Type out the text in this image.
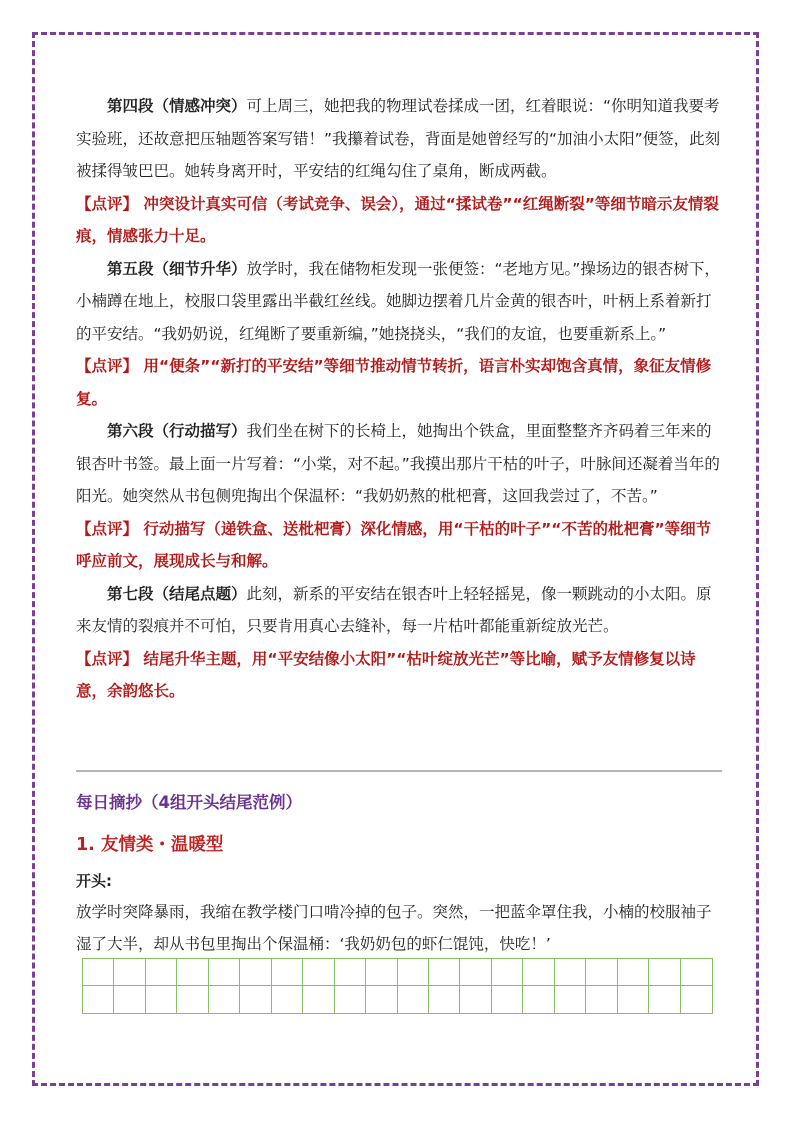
第四段（情感冲突）可上周三，她把我的物理试卷揉成一团，红着眼说：“你明知道我要考实验班，还故意把压轴题答案写错！”我攥着试卷，背面是她曾经写的“加油小太阳”便签，此刻被揉得皱巴巴。她转身离开时，平安结的红绳勾住了桌角，断成两截。

【点评】 冲突设计真实可信（考试竞争、误会），通过“揉试卷”“红绳断裂”等细节暗示友情裂痕，情感张力十足。

第五段（细节升华）放学时，我在储物柜发现一张便签：“老地方见。”操场边的银杏树下，小楠蹲在地上，校服口袋里露出半截红丝线。她脚边摆着几片金黄的银杏叶，叶柄上系着新打的平安结。“我奶奶说，红绳断了要重新编，”她挠挠头，“我们的友谊，也要重新系上。”

【点评】 用“便条”“新打的平安结”等细节推动情节转折，语言朴实却饱含真情，象征友情修复。

第六段（行动描写）我们坐在树下的长椅上，她掏出个铁盒，里面整整齐齐码着三年来的银杏叶书签。最上面一片写着：“小棠，对不起。”我摸出那片干枯的叶子，叶脉间还凝着当年的阳光。她突然从书包侧兜掏出个保温杯：“我奶奶熬的枇杷膏，这回我尝过了，不苦。”

【点评】 行动描写（递铁盒、送枇杷膏）深化情感，用“干枯的叶子”“不苦的枇杷膏”等细节呼应前文，展现成长与和解。

第七段（结尾点题）此刻，新系的平安结在银杏叶上轻轻摇晃，像一颗跳动的小太阳。原来友情的裂痕并不可怕，只要肯用真心去缝补，每一片枯叶都能重新绽放光芒。

【点评】 结尾升华主题，用“平安结像小太阳”“枯叶绽放光芒”等比喻，赋予友情修复以诗意，余韵悠长。

每日摘抄（4组开头结尾范例）
1. 友情类・温暖型
开头:
放学时突降暴雨，我缩在教学楼门口啃冷掉的包子。突然，一把蓝伞罩住我，小楠的校服袖子湿了大半，却从书包里掏出个保温桶：‘我奶奶包的虾仁馄饨，快吃！’
